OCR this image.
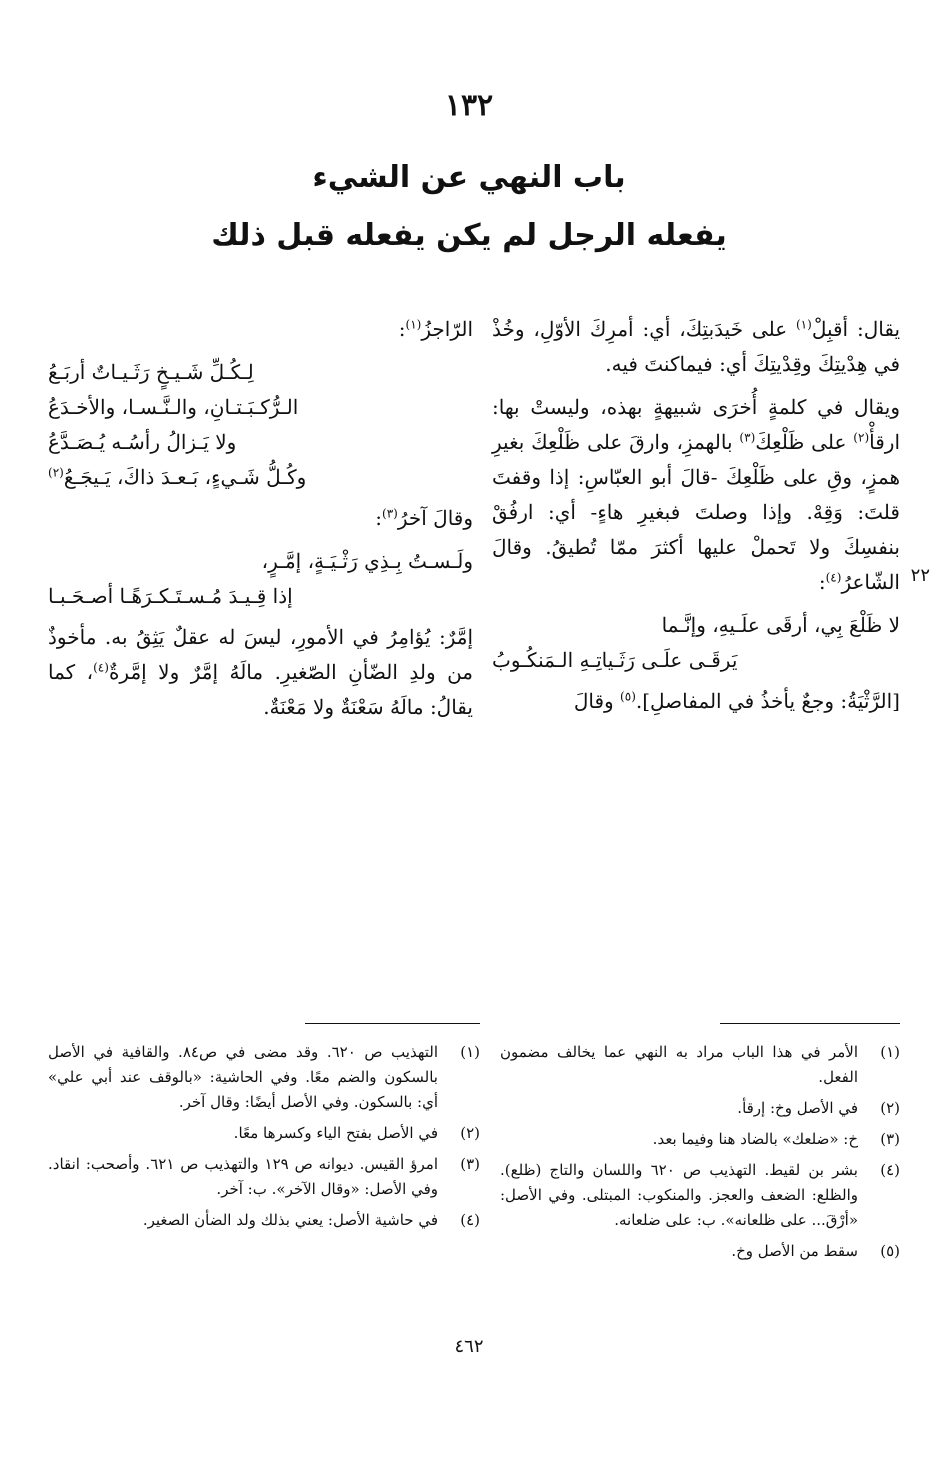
١٣٢
باب النهي عن الشيء
يفعله الرجل لم يكن يفعله قبل ذلك

يقال: أقبِلْ$^{(١)}$ على خَيدَبتِكَ، أي: أمرِكَ الأوّلِ، وخُذْ في هِدْيتِكَ وقِدْيتِكَ أي: فيماكنتَ فيه.

ويقال في كلمةٍ أُخرَى شبيهةٍ بهذه، وليستْ بها: ارقأْ$^{(٢)}$ على ظَلْعِكَ$^{(٣)}$ بالهمزِ، وارقَ على ظَلْعِكَ بغيرِ همزٍ، وقِ على ظَلْعِكَ -قالَ أبو العبّاسِ: إذا وقفتَ قلتَ: وَقِهْ. وإذا وصلتَ فبغيرِ هاءٍ- أي: ارفُقْ بنفسِكَ ولا تَحملْ عليها أكثرَ ممّا تُطيقُ. وقالَ الشّاعرُ$^{(٤)}$:

لا ظَلْعَ بِي، أرقَى علَـيهِ، وإنَّـما
يَرقَـى علَـى رَثَـياتِـهِ الـمَنكُـوبُ

[الرَّثْيَةُ: وجعٌ يأخذُ في المفاصلِ].$^{(٥)}$ وقالَ

الرّاجزُ$^{(١)}$:

لِـكُـلِّ شَـيـخٍ رَثَـيـاتٌ أربَـعُ
الـرُّكـبَـتـانِ، والـنَّـسـا، والأخـدَعُ
ولا يَـزالُ رأسُـه يُـصَـدَّعُ
وكُـلُّ شَـيءٍ، بَـعـدَ ذاكَ، يَـيجَـعُ$^{(٢)}$

وقالَ آخرُ$^{(٣)}$:

ولَـسـتُ بِـذِي رَثْـيَـةٍ، إمَّـرٍ،
إذا قِـيـدَ مُـسـتَـكـرَهًـا أصـحَـبـا

إمَّرٌ: يُؤامِرُ في الأمورِ، ليسَ له عقلٌ يَثِقُ به. مأخوذٌ من ولدِ الضّأنِ الصّغيرِ. مالَهُ إمَّرٌ ولا إمَّرةٌ$^{(٤)}$، كما يقالُ: مالَهُ سَعْنَةٌ ولا مَعْنَةٌ.

٢٢
(١)
الأمر في هذا الباب مراد به النهي عما يخالف مضمون الفعل.
(٢)
في الأصل وخ: إرقأ.
(٣)
خ: «ضلعك» بالضاد هنا وفيما بعد.
(٤)
بشر بن لقيط. التهذيب ص ٦٢٠ واللسان والتاج (ظلع). والظلع: الضعف والعجز. والمنكوب: المبتلى. وفي الأصل: «أرْقَ... على ظلعانه». ب: على ضلعانه.
(٥)
سقط من الأصل وخ.
(١)
التهذيب ص ٦٢٠. وقد مضى في ص٨٤. والقافية في الأصل بالسكون والضم معًا. وفي الحاشية: «بالوقف عند أبي علي» أي: بالسكون. وفي الأصل أيضًا: وقال آخر.
(٢)
في الأصل بفتح الياء وكسرها معًا.
(٣)
امرؤ القيس. ديوانه ص ١٢٩ والتهذيب ص ٦٢١. وأصحب: انقاد. وفي الأصل: «وقال الآخر». ب: آخر.
(٤)
في حاشية الأصل: يعني بذلك ولد الضأن الصغير.
٤٦٢
